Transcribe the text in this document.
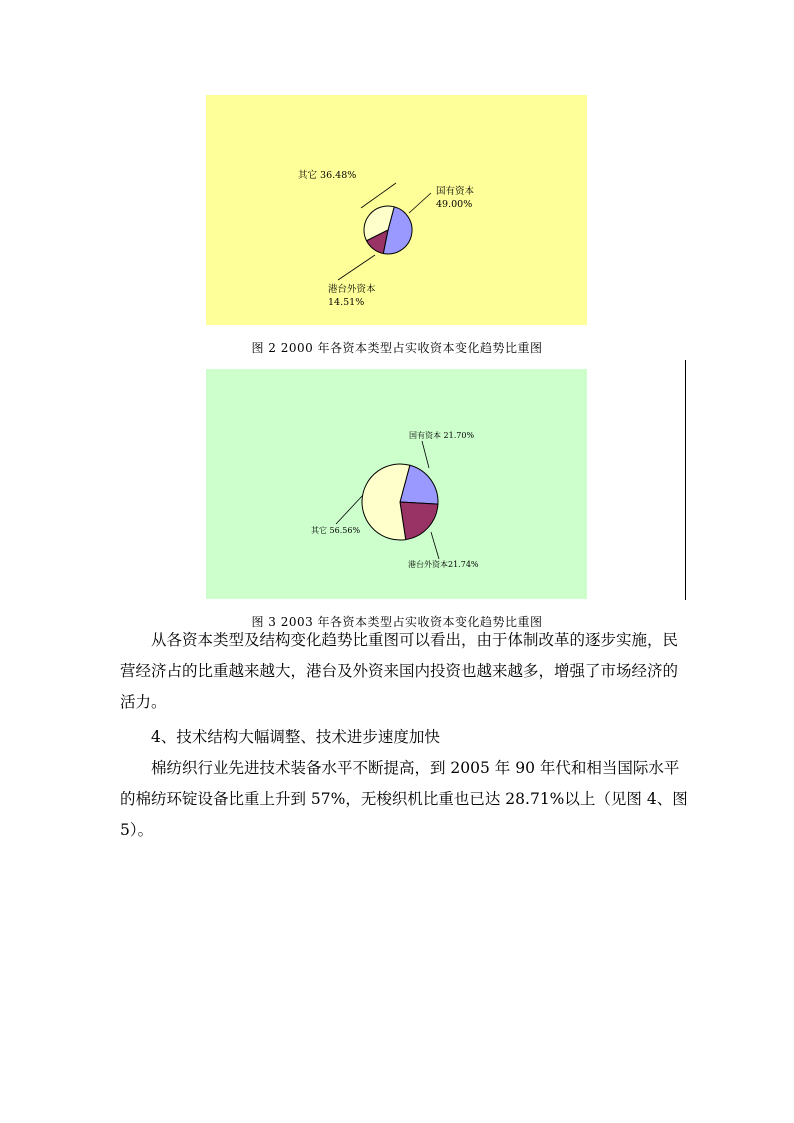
其它 36.48%
国有资本
49.00%
港台外资本
14.51%
图 2 2000 年各资本类型占实收资本变化趋势比重图
国有资本 21.70%
港台外资本21.74%
其它 56.56%
图 3 2003 年各资本类型占实收资本变化趋势比重图
从各资本类型及结构变化趋势比重图可以看出，由于体制改革的逐步实施，民营经济占的比重越来越大，港台及外资来国内投资也越来越多，增强了市场经济的活力。
4、技术结构大幅调整、技术进步速度加快
棉纺织行业先进技术装备水平不断提高，到 2005 年 90 年代和相当国际水平的棉纺环锭设备比重上升到 57%，无梭织机比重也已达 28.71%以上（见图 4、图 5）。
